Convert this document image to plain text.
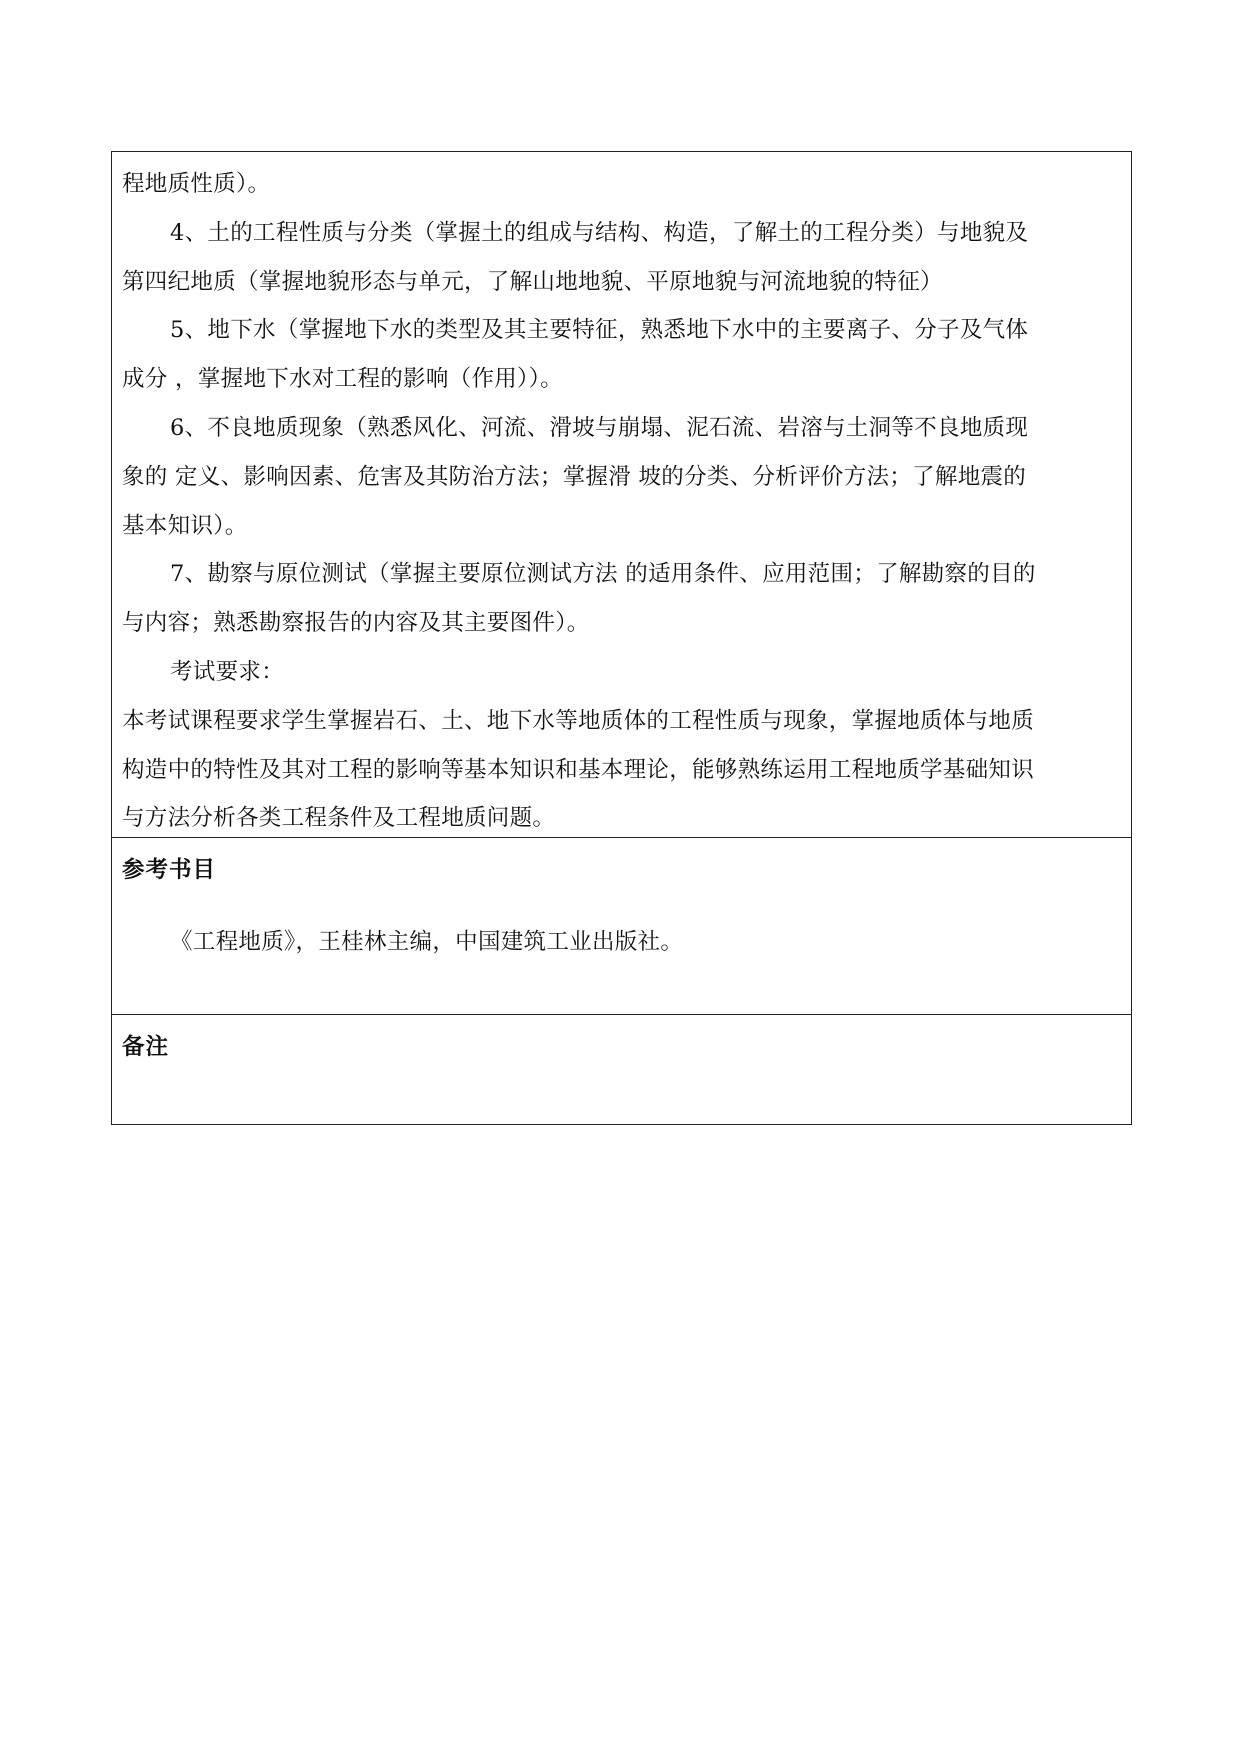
程地质性质）。
4、土的工程性质与分类（掌握土的组成与结构、构造，了解土的工程分类）与地貌及
第四纪地质（掌握地貌形态与单元，了解山地地貌、平原地貌与河流地貌的特征）
5、地下水（掌握地下水的类型及其主要特征，熟悉地下水中的主要离子、分子及气体
成分 ，掌握地下水对工程的影响（作用））。
6、不良地质现象（熟悉风化、河流、滑坡与崩塌、泥石流、岩溶与土洞等不良地质现
象的 定义、影响因素、危害及其防治方法；掌握滑 坡的分类、分析评价方法；了解地震的
基本知识）。
7、勘察与原位测试（掌握主要原位测试方法 的适用条件、应用范围；了解勘察的目的
与内容；熟悉勘察报告的内容及其主要图件）。
考试要求：
本考试课程要求学生掌握岩石、土、地下水等地质体的工程性质与现象，掌握地质体与地质
构造中的特性及其对工程的影响等基本知识和基本理论，能够熟练运用工程地质学基础知识
与方法分析各类工程条件及工程地质问题。
参考书目
《工程地质》，王桂林主编，中国建筑工业出版社。
备注
